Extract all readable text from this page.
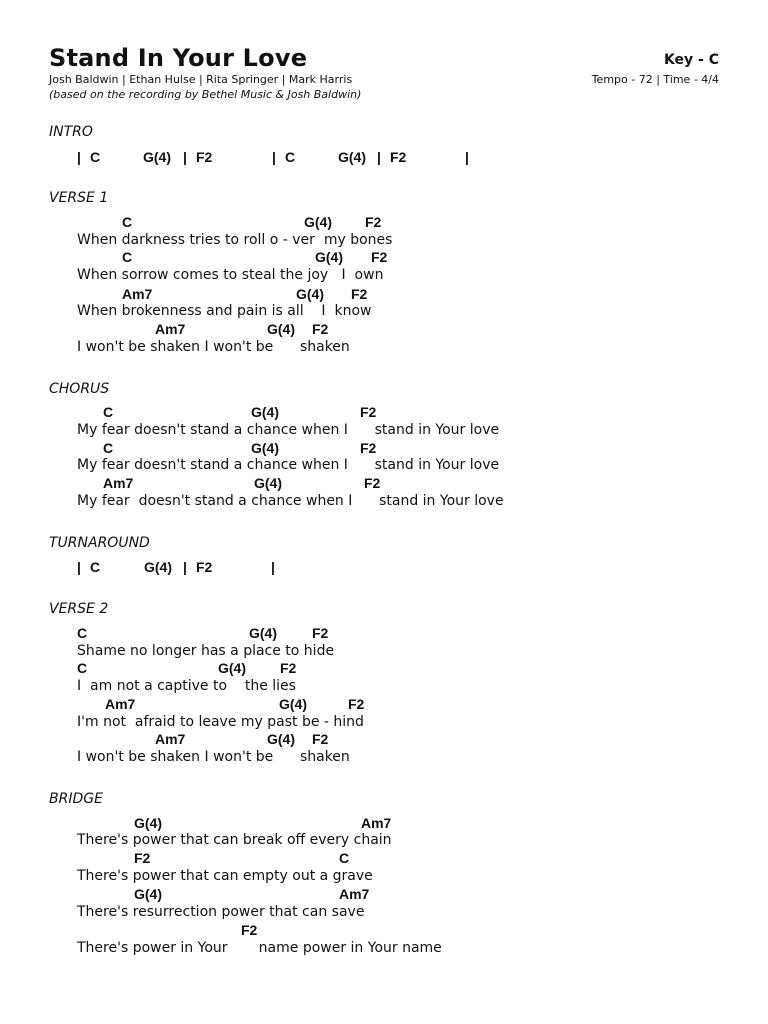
Stand In Your Love
Josh Baldwin | Ethan Hulse | Rita Springer | Mark Harris
(based on the recording by Bethel Music & Josh Baldwin)
Key - C
Tempo - 72 | Time - 4/4
INTRO
| C	G(4) | F2	| C	G(4) | F2	|
VERSE 1
C	G(4) F2
When darkness tries to roll o - ver  my bones
C	G(4) F2
When sorrow comes to steal the joy   I  own
Am7	G(4) F2
When brokenness and pain is all    I  know
Am7	G(4) F2
I won't be shaken I won't be      shaken
CHORUS
C	G(4)	F2
My fear doesn't stand a chance when I      stand in Your love
C	G(4)	F2
My fear doesn't stand a chance when I      stand in Your love
Am7	G(4)	F2
My fear  doesn't stand a chance when I      stand in Your love
TURNAROUND
| C	G(4) | F2	|
VERSE 2
C	G(4)	F2
Shame no longer has a place to hide
C	G(4) F2
I  am not a captive to    the lies
Am7	G(4)	F2
I'm not  afraid to leave my past be - hind
Am7	G(4) F2
I won't be shaken I won't be      shaken
BRIDGE
G(4)	Am7
There's power that can break off every chain
F2	C
There's power that can empty out a grave
G(4)	Am7
There's resurrection power that can save
F2
There's power in Your       name power in Your name
